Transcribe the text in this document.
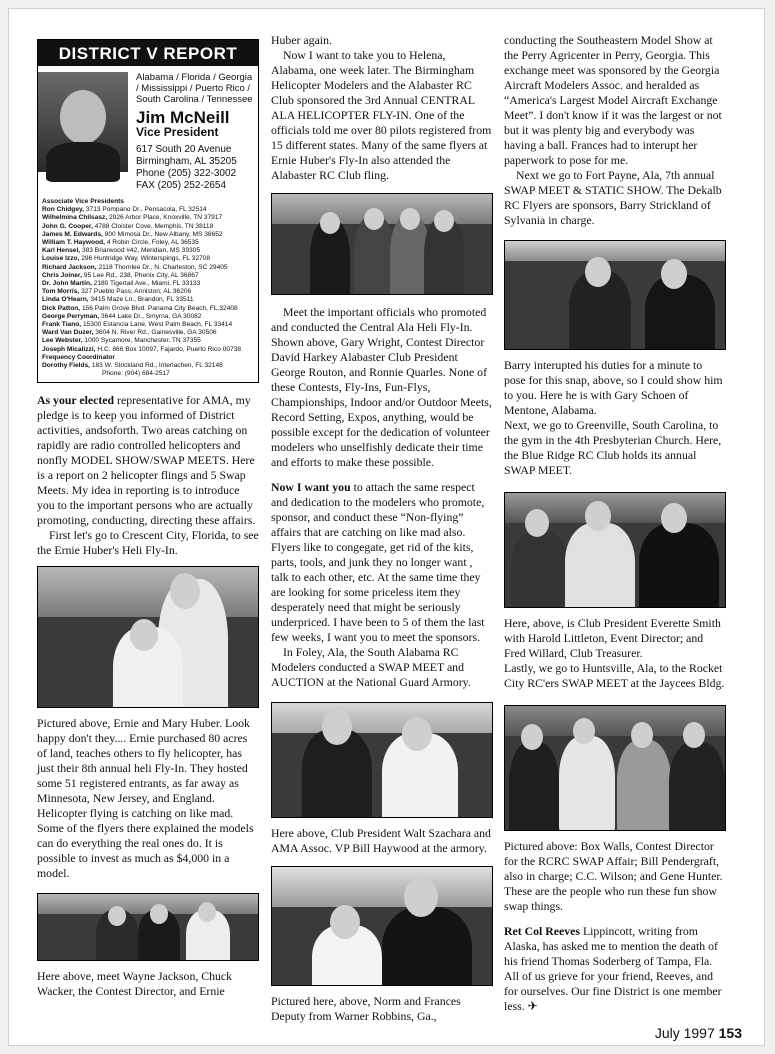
DISTRICT V REPORT
Alabama / Florida / Georgia / Mississippi / Puerto Rico / South Carolina / Tennessee
Jim McNeill
Vice President
617 South 20 Avenue
Birmingham, AL 35205
Phone (205) 322-3002
FAX (205) 252-2654
Associate Vice Presidents
Ron Chidgey, 3713 Pompano Dr., Pensacola, FL 32514
Wilhelmina Chilsasz, 2926 Arbor Place, Knoxville, TN 37917
John G. Cooper, 4788 Cloister Cove, Memphis, TN 38118
James M. Edwards, 800 Mimosa Dr., New Albany, MS 38652
William T. Haywood, 4 Robin Circle, Foley, AL 36535
Karl Hensel, 383 Briarwood #42, Meridian, MS 39305
Louise Izzo, 296 Huntridge Way, Winterspings, FL 32708
Richard Jackson, 2118 Thornlee Dr., N. Charleston, SC 29405
Chris Joiner, 95 Lee Rd., 238, Phenix City, AL 36867
Dr. John Martin, 2180 Tigertail Ave., Miami, FL 33133
Tom Morris, 327 Pueblo Pass, Anniston, AL 36206
Linda O'Hearn, 3415 Maze Ln., Brandon, FL 33511
Dick Patton, 156 Palm Grove Blvd. Panama City Beach, FL,32408
George Perryman, 3644 Lake Dr., Smyrna, GA 30082
Frank Tiano, 15300 Estancia Lane, West Palm Beach, FL 33414
Ward Van Duzer, 3604 N. River Rd., Gainesville, GA 30506
Lee Webster, 1000 Sycamore, Manchester, TN 37355
Joseph Micalizzi, H.C. 866 Box 10097, Fajardo, Puerto Rico 00738
Frequency Coordinator
Dorothy Fields, 183 W. Strickland Rd., Interlachen, FL 32148
Phone: (904) 684-2517

As your elected representative for AMA, my pledge is to keep you informed of District activities, andsoforth. Two areas catching on rapidly are radio controlled helicopters and nonfly MODEL SHOW/SWAP MEETS. Here is a report on 2 helicopter flings and 5 Swap Meets. My idea in reporting is to introduce you to the important persons who are actually promoting, conducting, directing these affairs.

First let's go to Crescent City, Florida, to see the Ernie Huber's Heli Fly-In.

Pictured above, Ernie and Mary Huber. Look happy don't they.... Ernie purchased 80 acres of land, teaches others to fly helicopter, has just their 8th annual heli Fly-In. They hosted some 51 registered entrants, as far away as Minnesota, New Jersey, and England. Helicopter flying is catching on like mad. Some of the flyers there explained the models can do everything the real ones do. It is possible to invest as much as $4,000 in a model.

Here above, meet Wayne Jackson, Chuck Wacker, the Contest Director, and Ernie

Huber again.

Now I want to take you to Helena, Alabama, one week later. The Birmingham Helicopter Modelers and the Alabaster RC Club sponsored the 3rd Annual CENTRAL ALA HELICOPTER FLY-IN. One of the officials told me over 80 pilots registered from 15 different states. Many of the same flyers at Ernie Huber's Fly-In also attended the Alabaster RC Club fling.

Meet the important officials who promoted and conducted the Central Ala Heli Fly-In. Shown above, Gary Wright, Contest Director David Harkey Alabaster Club President George Routon, and Ronnie Quarles. None of these Contests, Fly-Ins, Fun-Flys, Championships, Indoor and/or Outdoor Meets, Record Setting, Expos, anything, would be possible except for the dedication of volunteer modelers who unselfishly dedicate their time and efforts to make these possible.

Now I want you to attach the same respect and dedication to the modelers who promote, sponsor, and conduct these “Non-flying” affairs that are catching on like mad also. Flyers like to congegate, get rid of the kits, parts, tools, and junk they no longer want , talk to each other, etc. At the same time they are looking for some priceless item they desperately need that might be seriously underpriced. I have been to 5 of them the last few weeks, I want you to meet the sponsors.

In Foley, Ala, the South Alabama RC Modelers conducted a SWAP MEET and AUCTION at the National Guard Armory.

Here above, Club President Walt Szachara and AMA Assoc. VP Bill Haywood at the armory.

Pictured here, above, Norm and Frances Deputy from Warner Robbins, Ga.,

conducting the Southeastern Model Show at the Perry Agricenter in Perry, Georgia. This exchange meet was sponsored by the Georgia Aircraft Modelers Assoc. and heralded as “America's Largest Model Aircraft Exchange Meet”. I don't know if it was the largest or not but it was plenty big and everybody was having a ball. Frances had to interupt her paperwork to pose for me.

Next we go to Fort Payne, Ala, 7th annual SWAP MEET & STATIC SHOW. The Dekalb RC Flyers are sponsors, Barry Strickland of Sylvania in charge.

Barry interupted his duties for a minute to pose for this snap, above, so I could show him to you. Here he is with Gary Schoen of Mentone, Alabama.

Next, we go to Greenville, South Carolina, to the gym in the 4th Presbyterian Church. Here, the Blue Ridge RC Club holds its annual SWAP MEET.

Here, above, is Club President Everette Smith with Harold Littleton, Event Director; and Fred Willard, Club Treasurer.

Lastly, we go to Huntsville, Ala, to the Rocket City RC'ers SWAP MEET at the Jaycees Bldg.

Pictured above: Box Walls, Contest Director for the RCRC SWAP Affair; Bill Pendergraft, also in charge; C.C. Wilson; and Gene Hunter. These are the people who run these fun show swap things.

Ret Col Reeves Lippincott, writing from Alaska, has asked me to mention the death of his friend Thomas Soderberg of Tampa, Fla. All of us grieve for your friend, Reeves, and for ourselves. Our fine District is one member less. ✈

July 1997 153
